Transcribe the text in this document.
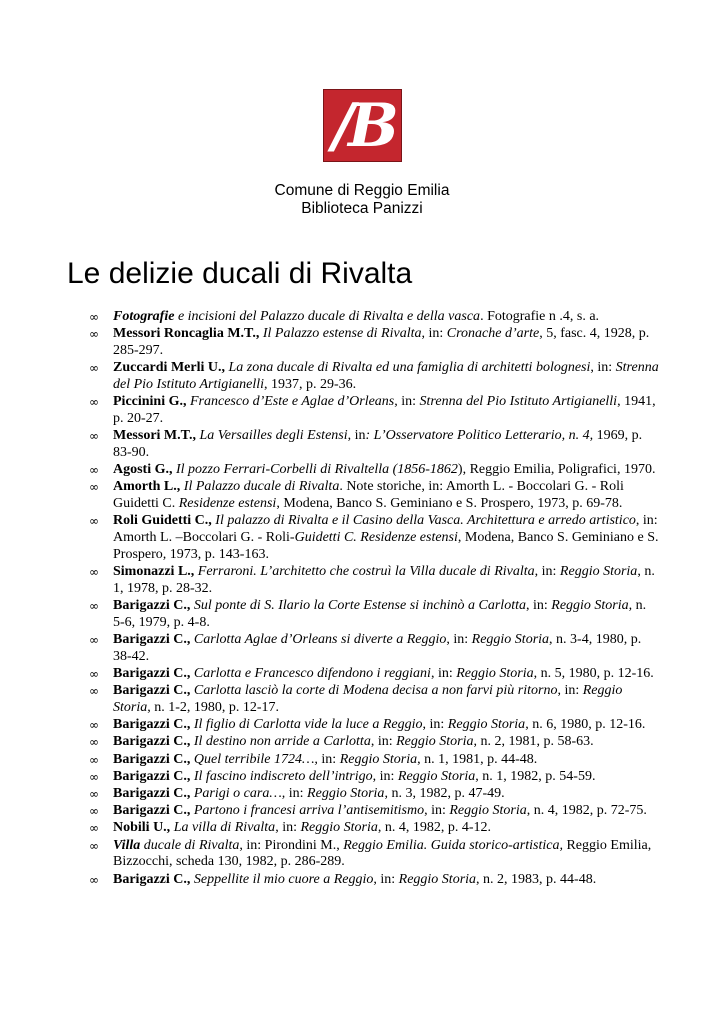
/B
Comune di Reggio Emilia
Biblioteca Panizzi
Le delizie ducali di Rivalta
∞	Fotografie e incisioni del Palazzo ducale di Rivalta e della vasca. Fotografie n .4, s. a.
∞	Messori Roncaglia M.T., Il Palazzo estense di Rivalta, in: Cronache d’arte, 5, fasc. 4, 1928, p. 285-297.
∞	Zuccardi Merli U., La zona ducale di Rivalta ed una famiglia di architetti bolognesi, in: Strenna del Pio Istituto Artigianelli, 1937, p. 29-36.
∞	Piccinini G., Francesco d’Este e Aglae d’Orleans, in: Strenna del Pio Istituto Artigianelli, 1941, p. 20-27.
∞	Messori M.T., La Versailles degli Estensi, in: L’Osservatore Politico Letterario, n. 4, 1969, p. 83-90.
∞	Agosti G., Il pozzo Ferrari-Corbelli di Rivaltella (1856-1862), Reggio Emilia, Poligrafici, 1970.
∞	Amorth L., Il Palazzo ducale di Rivalta. Note storiche, in: Amorth L. - Boccolari G. - Roli Guidetti C. Residenze estensi, Modena, Banco S. Geminiano e S. Prospero, 1973, p. 69-78.
∞	Roli Guidetti C., Il palazzo di Rivalta e il Casino della Vasca. Architettura e arredo artistico, in: Amorth L. –Boccolari G. - Roli-Guidetti C. Residenze estensi, Modena, Banco S. Geminiano e S. Prospero, 1973, p. 143-163.
∞	Simonazzi L., Ferraroni. L’architetto che costruì la Villa ducale di Rivalta, in: Reggio Storia, n. 1, 1978, p. 28-32.
∞	Barigazzi C., Sul ponte di S. Ilario la Corte Estense si inchinò a Carlotta, in: Reggio Storia, n. 5-6, 1979, p. 4-8.
∞	Barigazzi C., Carlotta Aglae d’Orleans si diverte a Reggio, in: Reggio Storia, n. 3-4, 1980, p. 38-42.
∞	Barigazzi C., Carlotta e Francesco difendono i reggiani, in: Reggio Storia, n. 5, 1980, p. 12-16.
∞	Barigazzi C., Carlotta lasciò la corte di Modena decisa a non farvi più ritorno, in: Reggio Storia, n. 1-2, 1980, p. 12-17.
∞	Barigazzi C., Il figlio di Carlotta vide la luce a Reggio, in: Reggio Storia, n. 6, 1980, p. 12-16.
∞	Barigazzi C., Il destino non arride a Carlotta, in: Reggio Storia, n. 2, 1981, p. 58-63.
∞	Barigazzi C., Quel terribile 1724…, in: Reggio Storia, n. 1, 1981, p. 44-48.
∞	Barigazzi C., Il fascino indiscreto dell’intrigo, in: Reggio Storia, n. 1, 1982, p. 54-59.
∞	Barigazzi C., Parigi o cara…, in: Reggio Storia, n. 3, 1982, p. 47-49.
∞	Barigazzi C., Partono i francesi arriva l’antisemitismo, in: Reggio Storia, n. 4, 1982, p. 72-75.
∞	Nobili U., La villa di Rivalta, in: Reggio Storia, n. 4, 1982, p. 4-12.
∞	Villa ducale di Rivalta, in: Pirondini M., Reggio Emilia. Guida storico-artistica, Reggio Emilia, Bizzocchi, scheda 130, 1982, p. 286-289.
∞	Barigazzi C., Seppellite il mio cuore a Reggio, in: Reggio Storia, n. 2, 1983, p. 44-48.
